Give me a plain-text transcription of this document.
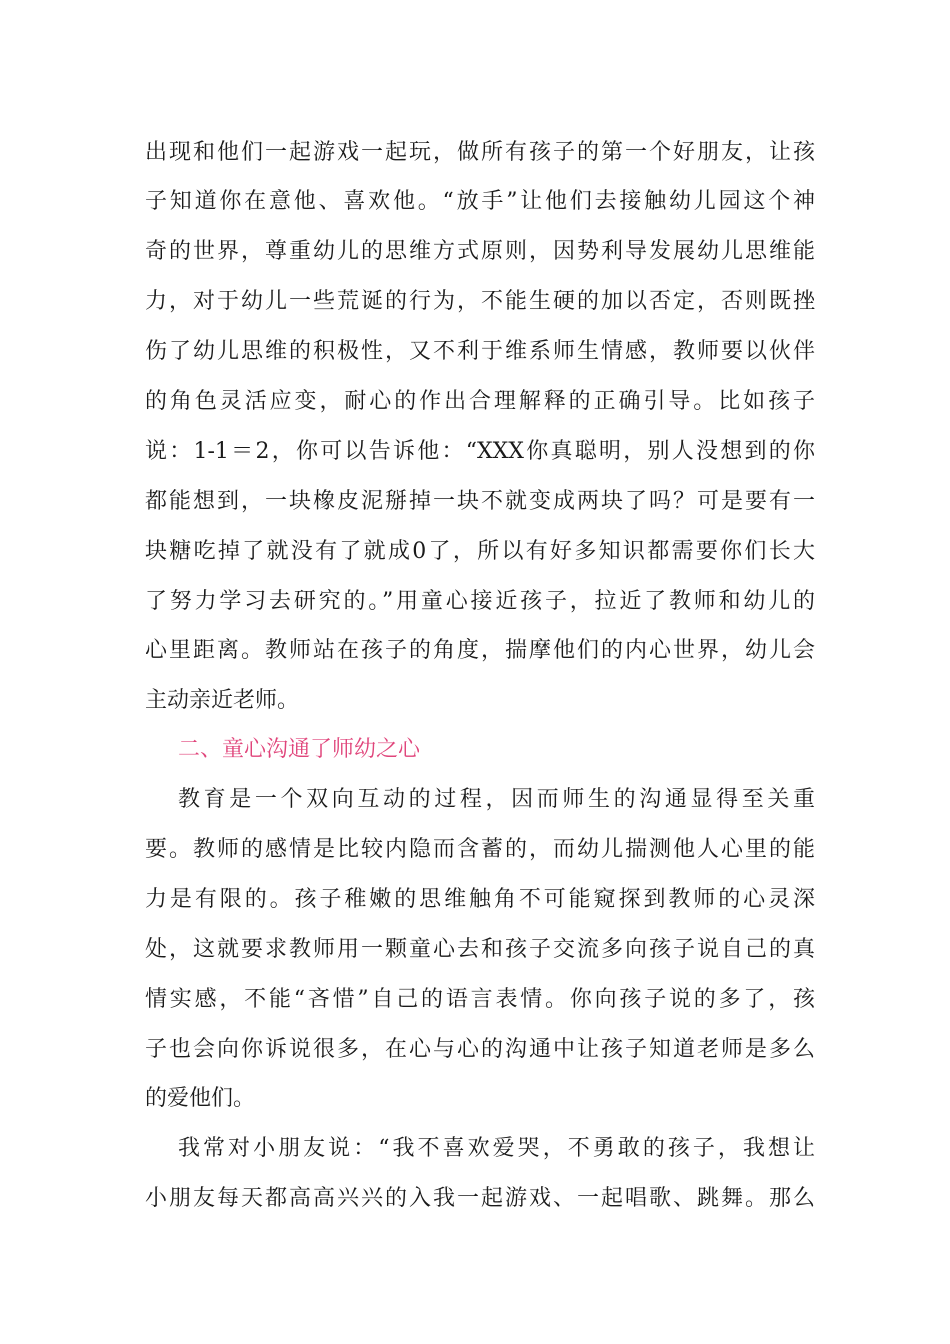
出现和他们一起游戏一起玩，做所有孩子的第一个好朋友，让孩
子知道你在意他、喜欢他。“放手”让他们去接触幼儿园这个神
奇的世界，尊重幼儿的思维方式原则，因势利导发展幼儿思维能
力，对于幼儿一些荒诞的行为，不能生硬的加以否定，否则既挫
伤了幼儿思维的积极性，又不利于维系师生情感，教师要以伙伴
的角色灵活应变，耐心的作出合理解释的正确引导。比如孩子
说：1-1＝2，你可以告诉他：“XXX你真聪明，别人没想到的你
都能想到，一块橡皮泥掰掉一块不就变成两块了吗？可是要有一
块糖吃掉了就没有了就成0了，所以有好多知识都需要你们长大
了努力学习去研究的。”用童心接近孩子，拉近了教师和幼儿的
心里距离。教师站在孩子的角度，揣摩他们的内心世界，幼儿会
主动亲近老师。
二、童心沟通了师幼之心
教育是一个双向互动的过程，因而师生的沟通显得至关重
要。教师的感情是比较内隐而含蓄的，而幼儿揣测他人心里的能
力是有限的。孩子稚嫩的思维触角不可能窥探到教师的心灵深
处，这就要求教师用一颗童心去和孩子交流多向孩子说自己的真
情实感，不能“吝惜”自己的语言表情。你向孩子说的多了，孩
子也会向你诉说很多，在心与心的沟通中让孩子知道老师是多么
的爱他们。
我常对小朋友说：“我不喜欢爱哭，不勇敢的孩子，我想让
小朋友每天都高高兴兴的入我一起游戏、一起唱歌、跳舞。那么
